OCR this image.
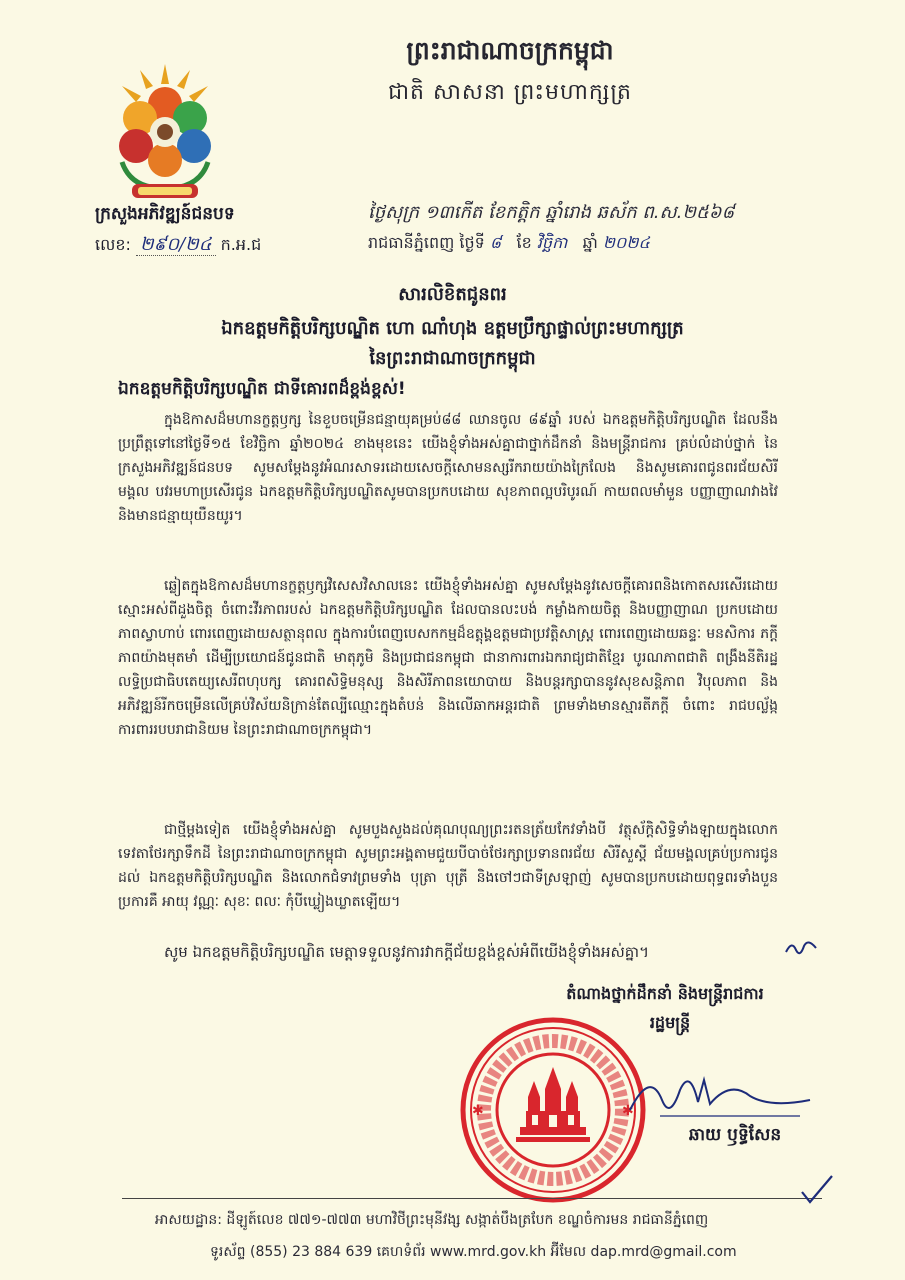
ព្រះរាជាណាចក្រកម្ពុជា
ជាតិ សាសនា ព្រះមហាក្សត្រ
ក្រសួងអភិវឌ្ឍន៍ជនបទ
លេខ: ២៩០/២៤ ក.អ.ជ
ថ្ងៃសុក្រ ១៣កើត ខែកត្តិក ឆ្នាំរោង ឆស័ក ព.ស.២៥៦៨
រាជធានីភ្នំពេញ ថ្ងៃទី ៨ ខែ វិច្ឆិកា ឆ្នាំ ២០២៤
សារលិខិតជូនពរ
ឯកឧត្តមកិត្តិបរិក្សបណ្ឌិត ហោ ណាំហុង ឧត្តមប្រឹក្សាផ្ទាល់ព្រះមហាក្សត្រ
នៃព្រះរាជាណាចក្រកម្ពុជា
ឯកឧត្តមកិត្តិបរិក្សបណ្ឌិត ជាទីគោរពដ៏ខ្ពង់ខ្ពស់!
ក្នុងឱកាសដ៏មហានក្ខត្តឫក្ស នៃខួបចម្រើនជន្មាយុគម្រប់៨៨ ឈានចូល ៨៩ឆ្នាំ របស់ ឯកឧត្តមកិត្តិបរិក្សបណ្ឌិត ដែលនឹងប្រព្រឹត្តទៅនៅថ្ងៃទី១៥ ខែវិច្ឆិកា ឆ្នាំ២០២៤ ខាងមុខនេះ យើងខ្ញុំទាំងអស់គ្នាជាថ្នាក់ដឹកនាំ និងមន្ត្រីរាជការ គ្រប់លំដាប់ថ្នាក់ នៃក្រសួងអភិវឌ្ឍន៍ជនបទ សូមសម្តែងនូវអំណរសាទរដោយសេចក្តីសោមនស្សរីករាយយ៉ាងក្រៃលែង និងសូមគោរពជូនពរជ័យសិរីមង្គល បវរមហាប្រសើរជូន ឯកឧត្តមកិត្តិបរិក្សបណ្ឌិតសូមបានប្រកបដោយ សុខភាពល្អបរិបូរណ៍ កាយពលមាំមួន បញ្ញាញាណវាងវៃ និងមានជន្មាយុយឺនយូរ។
ឆ្លៀតក្នុងឱកាសដ៏មហានក្ខត្តឫក្សវិសេសវិសាលនេះ យើងខ្ញុំទាំងអស់គ្នា សូមសម្តែងនូវសេចក្តីគោរពនិងកោតសរសើរដោយស្មោះអស់ពីដួងចិត្ត ចំពោះវីរភាពរបស់ ឯកឧត្តមកិត្តិបរិក្សបណ្ឌិត ដែលបានលះបង់ កម្លាំងកាយចិត្ត និងបញ្ញាញាណ ប្រកបដោយភាពស្វាហាប់ ពោរពេញដោយសត្ថានុពល ក្នុងការបំពេញបេសកកម្មដ៏ឧត្តុង្គឧត្តមជាប្រវត្តិសាស្រ្ត ពោរពេញដោយឆន្ទៈ មនសិការ ភក្តីភាពយ៉ាងមុតមាំ ដើម្បីប្រយោជន៍ជូនជាតិ មាតុភូមិ និងប្រជាជនកម្ពុជា ជានាការពារឯករាជ្យជាតិខ្មែរ បូរណភាពជាតិ ពង្រឹងនីតិរដ្ឋ លទ្ធិប្រជាធិបតេយ្យសេរីពហុបក្ស គោរពសិទ្ធិមនុស្ស និងសិរីភាពនយោបាយ និងបន្តរក្សាបាននូវសុខសន្តិភាព វិបុលភាព និងអភិវឌ្ឍន៍រីកចម្រើនលើគ្រប់វិស័យនិក្រាន់តែល្បីឈ្មោះក្នុងតំបន់ និងលើឆាកអន្តរជាតិ ព្រមទាំងមានស្មារតីភក្តី ចំពោះ រាជបល្ល័ង្ក ការពាររបបរាជានិយម នៃព្រះរាជាណាចក្រកម្ពុជា។
ជាថ្មីម្តងទៀត យើងខ្ញុំទាំងអស់គ្នា សូមបួងសួងដល់គុណបុណ្យព្រះរតនត្រ័យកែវទាំងបី វត្ថុស័ក្តិសិទ្ធិទាំងឡាយក្នុងលោក ទេវតាថែរក្សាទឹកដី នៃព្រះរាជាណាចក្រកម្ពុជា សូមព្រះអង្គតាមជួយបីបាច់ថែរក្សាប្រទានពរជ័យ សិរីសួស្តី ជ័យមង្គលគ្រប់ប្រការជូនដល់ ឯកឧត្តមកិត្តិបរិក្សបណ្ឌិត និងលោកជំទាវព្រមទាំង បុត្រា បុត្រី និងចៅៗជាទីស្រឡាញ់ សូមបានប្រកបដោយពុទ្ធពរទាំងបួនប្រការគឺ អាយុ វណ្ណៈ សុខៈ ពលៈ កុំបីឃ្លៀងឃ្លាតឡើយ។
សូម ឯកឧត្តមកិត្តិបរិក្សបណ្ឌិត មេត្តាទទួលនូវការវាកក្តីជ័យខ្ពង់ខ្ពស់អំពីយើងខ្ញុំទាំងអស់គ្នា។
តំណាងថ្នាក់ដឹកនាំ និងមន្ត្រីរាជការ
រដ្ឋមន្ត្រី
✱	✱
ឆាយ ឫទ្ធិសែន
អាសយដ្ឋាន: ដីឡូត៍លេខ ៧៧១-៧៧៣ មហាវិថីព្រះមុនីវង្ស សង្កាត់បឹងត្របែក ខណ្ឌចំការមន រាជធានីភ្នំពេញ
ទូរស័ព្ទ (855) 23 884 639 គេហទំព័រ www.mrd.gov.kh អ៊ីមែល dap.mrd@gmail.com
